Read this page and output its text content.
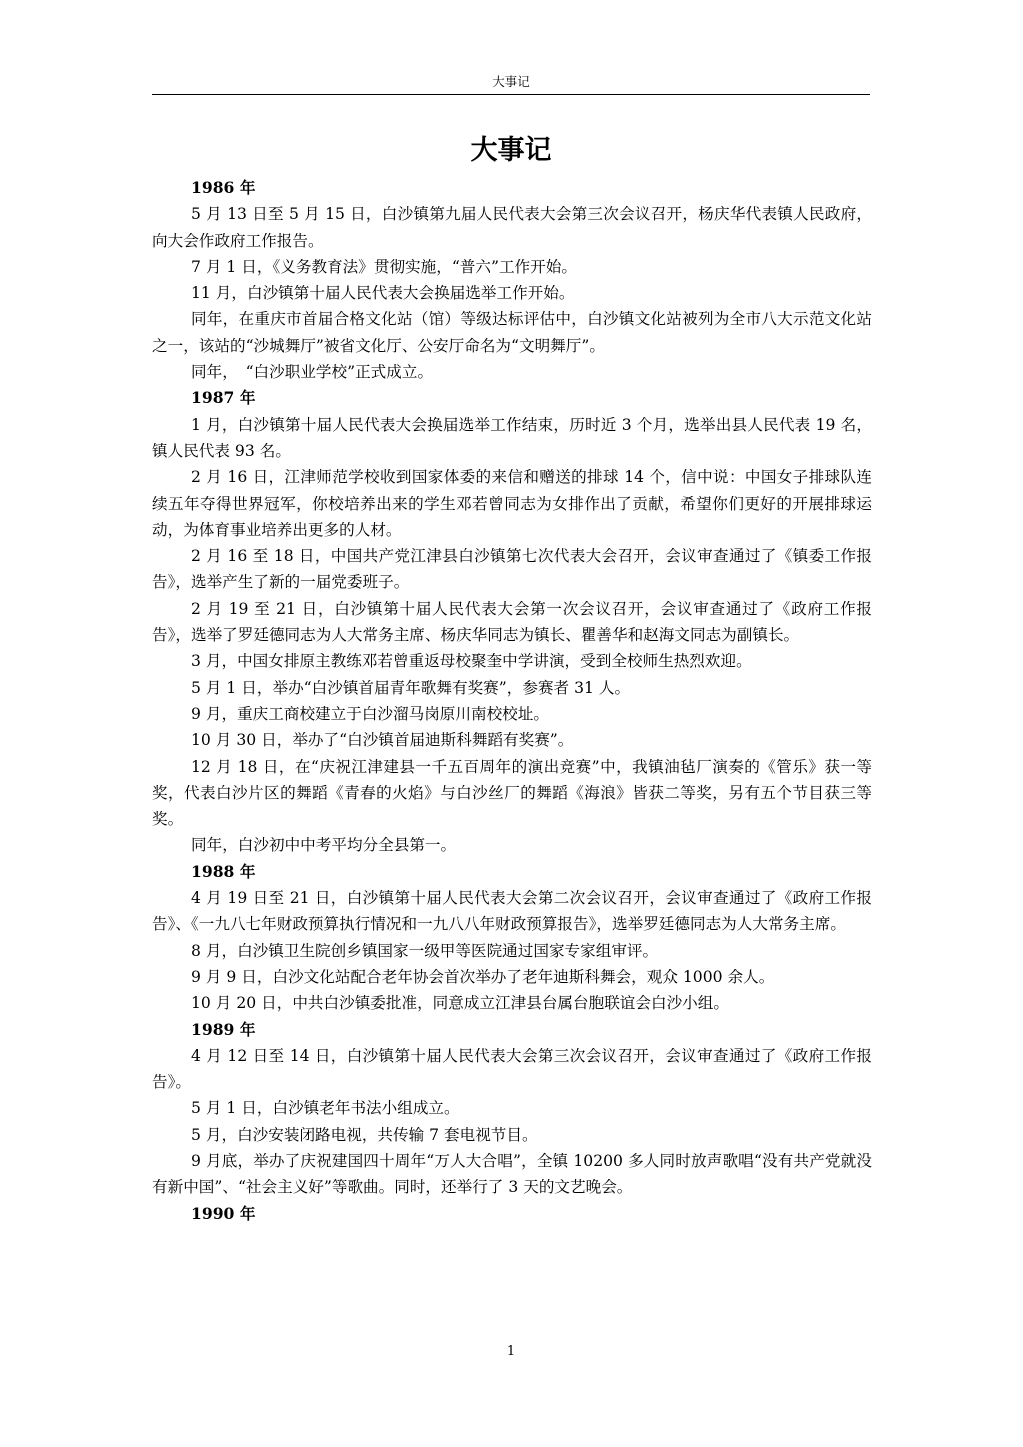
大事记
大事记

1986 年

5 月 13 日至 5 月 15 日，白沙镇第九届人民代表大会第三次会议召开，杨庆华代表镇人民政府，向大会作政府工作报告。

7 月 1 日，《义务教育法》贯彻实施，“普六”工作开始。

11 月，白沙镇第十届人民代表大会换届选举工作开始。

同年，在重庆市首届合格文化站（馆）等级达标评估中，白沙镇文化站被列为全市八大示范文化站之一，该站的“沙城舞厅”被省文化厅、公安厅命名为“文明舞厅”。

同年，　“白沙职业学校”正式成立。

1987 年

1 月，白沙镇第十届人民代表大会换届选举工作结束，历时近 3 个月，选举出县人民代表 19 名，镇人民代表 93 名。

2 月 16 日，江津师范学校收到国家体委的来信和赠送的排球 14 个，信中说：中国女子排球队连续五年夺得世界冠军，你校培养出来的学生邓若曾同志为女排作出了贡献，希望你们更好的开展排球运动，为体育事业培养出更多的人材。

2 月 16 至 18 日，中国共产党江津县白沙镇第七次代表大会召开，会议审查通过了《镇委工作报告》，选举产生了新的一届党委班子。

2 月 19 至 21 日，白沙镇第十届人民代表大会第一次会议召开，会议审查通过了《政府工作报告》，选举了罗廷德同志为人大常务主席、杨庆华同志为镇长、瞿善华和赵海文同志为副镇长。

3 月，中国女排原主教练邓若曾重返母校聚奎中学讲演，受到全校师生热烈欢迎。

5 月 1 日，举办“白沙镇首届青年歌舞有奖赛”，参赛者 31 人。

9 月，重庆工商校建立于白沙溜马岗原川南校校址。

10 月 30 日，举办了“白沙镇首届迪斯科舞蹈有奖赛”。

12 月 18 日，在“庆祝江津建县一千五百周年的演出竞赛”中，我镇油毡厂演奏的《管乐》获一等奖，代表白沙片区的舞蹈《青春的火焰》与白沙丝厂的舞蹈《海浪》皆获二等奖，另有五个节目获三等奖。

同年，白沙初中中考平均分全县第一。

1988 年

4 月 19 日至 21 日，白沙镇第十届人民代表大会第二次会议召开，会议审查通过了《政府工作报告》、《一九八七年财政预算执行情况和一九八八年财政预算报告》，选举罗廷德同志为人大常务主席。

8 月，白沙镇卫生院创乡镇国家一级甲等医院通过国家专家组审评。

9 月 9 日，白沙文化站配合老年协会首次举办了老年迪斯科舞会，观众 1000 余人。

10 月 20 日，中共白沙镇委批准，同意成立江津县台属台胞联谊会白沙小组。

1989 年

4 月 12 日至 14 日，白沙镇第十届人民代表大会第三次会议召开，会议审查通过了《政府工作报告》。

5 月 1 日，白沙镇老年书法小组成立。

5 月，白沙安装闭路电视，共传输 7 套电视节目。

9 月底，举办了庆祝建国四十周年“万人大合唱”，全镇 10200 多人同时放声歌唱“没有共产党就没有新中国”、“社会主义好”等歌曲。同时，还举行了 3 天的文艺晚会。

1990 年

1
